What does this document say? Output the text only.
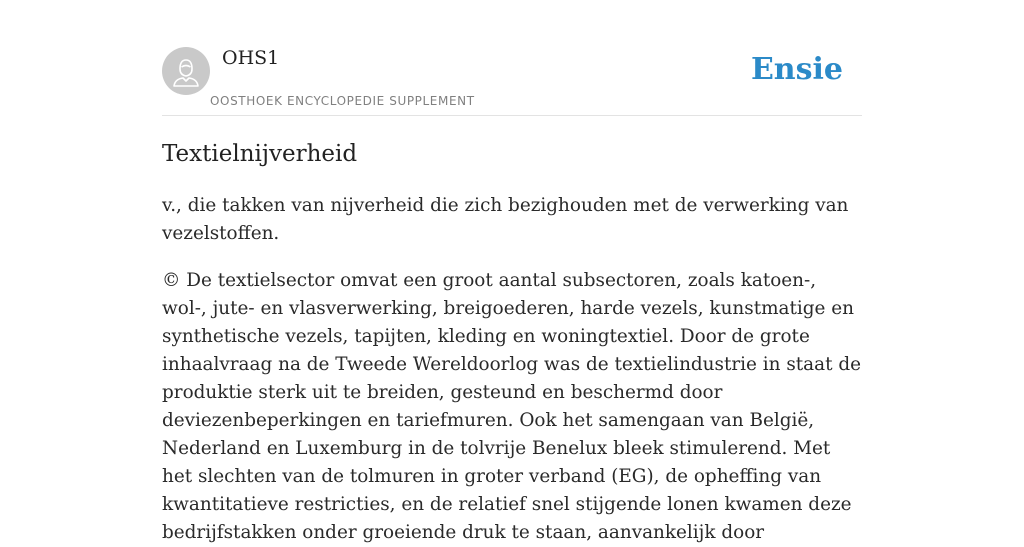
OHS1
OOSTHOEK ENCYCLOPEDIE SUPPLEMENT
Ensie
Textielnijverheid

v., die takken van nijverheid die zich bezighouden met de verwerking van vezelstoffen.

© De textielsector omvat een groot aantal subsectoren, zoals katoen-, wol-, jute- en vlasverwerking, breigoederen, harde vezels, kunstmatige en synthetische vezels, tapijten, kleding en woningtextiel. Door de grote inhaalvraag na de Tweede Wereldoorlog was de textielindustrie in staat de produktie sterk uit te breiden, gesteund en beschermd door deviezenbeperkingen en tariefmuren. Ook het samengaan van België, Nederland en Luxemburg in de tolvrije Benelux bleek stimulerend. Met het slechten van de tolmuren in groter verband (EG), de opheffing van kwantitatieve restricties, en de relatief snel stijgende lonen kwamen deze bedrijfstakken onder groeiende druk te staan, aanvankelijk door
